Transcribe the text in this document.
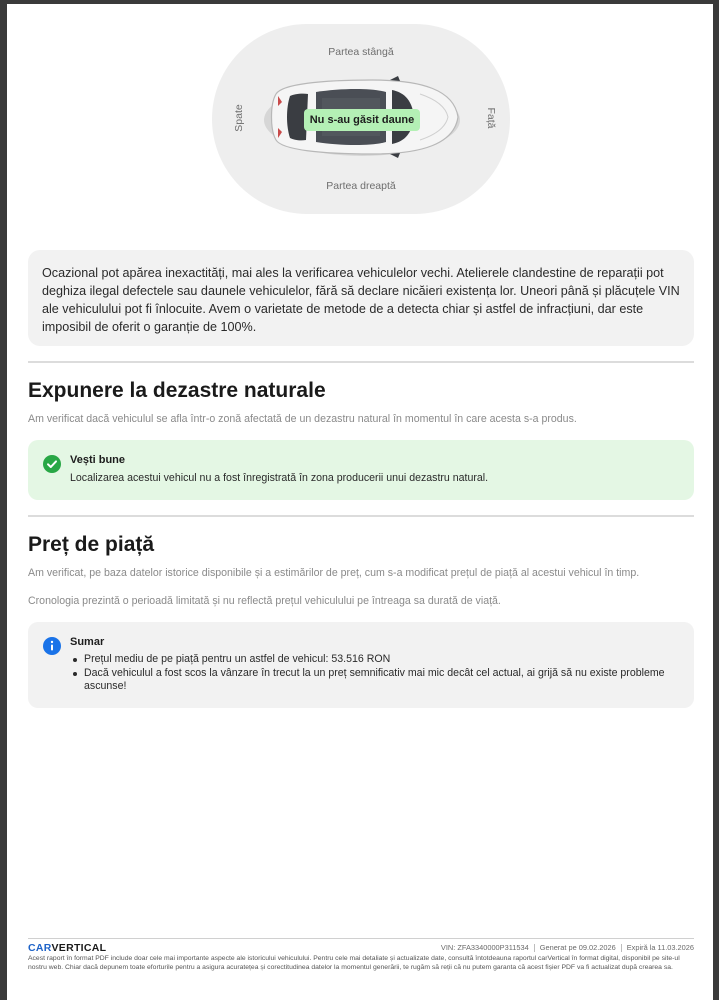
Partea stângă
Partea dreaptă
Spate	Față
Nu s-au găsit daune
Ocazional pot apărea inexactități, mai ales la verificarea vehiculelor vechi. Atelierele clandestine de reparații pot deghiza ilegal defectele sau daunele vehiculelor, fără să declare nicăieri existența lor. Uneori până și plăcuțele VIN ale vehiculului pot fi înlocuite. Avem o varietate de metode de a detecta chiar și astfel de infracțiuni, dar este imposibil de oferit o garanție de 100%.
Expunere la dezastre naturale
Am verificat dacă vehiculul se afla într-o zonă afectată de un dezastru natural în momentul în care acesta s-a produs.
Vești bune
Localizarea acestui vehicul nu a fost înregistrată în zona producerii unui dezastru natural.
Preț de piață
Am verificat, pe baza datelor istorice disponibile și a estimărilor de preț, cum s-a modificat prețul de piață al acestui vehicul în timp.
Cronologia prezintă o perioadă limitată și nu reflectă prețul vehiculului pe întreaga sa durată de viață.
Sumar
Prețul mediu de pe piață pentru un astfel de vehicul: 53.516 RON
Dacă vehiculul a fost scos la vânzare în trecut la un preț semnificativ mai mic decât cel actual, ai grijă să nu existe probleme ascunse!
CARVERTICAL	VIN: ZFA3340000P311534 Generat pe 09.02.2026 Expiră la 11.03.2026
Acest raport în format PDF include doar cele mai importante aspecte ale istoricului vehiculului. Pentru cele mai detaliate și actualizate date, consultă întotdeauna raportul carVertical în format digital, disponibil pe site-ul nostru web. Chiar dacă depunem toate eforturile pentru a asigura acuratețea și corectitudinea datelor la momentul generării, te rugăm să reții că nu putem garanta că acest fișier PDF va fi actualizat după crearea sa.
